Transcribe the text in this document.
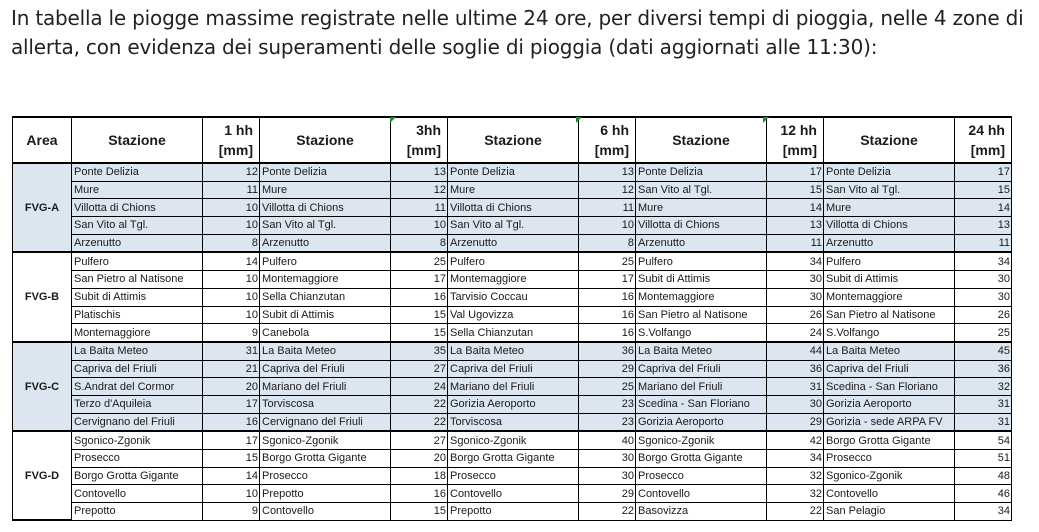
In tabella le piogge massime registrate nelle ultime 24 ore, per diversi tempi di pioggia, nelle 4 zone di allerta, con evidenza dei superamenti delle soglie di pioggia (dati aggiornati alle 11:30):
Area	Stazione	1 hh
[mm]	Stazione	3hh
[mm]	Stazione	6 hh
[mm]	Stazione	12 hh
[mm]	Stazione	24 hh
[mm]

FVG-A	Ponte Delizia	12	Ponte Delizia	13	Ponte Delizia	13	Ponte Delizia	17	Ponte Delizia	17
	Mure	11	Mure	12	Mure	12	San Vito al Tgl.	15	San Vito al Tgl.	15
	Villotta di Chions	10	Villotta di Chions	11	Villotta di Chions	11	Mure	14	Mure	14
	San Vito al Tgl.	10	San Vito al Tgl.	10	San Vito al Tgl.	10	Villotta di Chions	13	Villotta di Chions	13
	Arzenutto	8	Arzenutto	8	Arzenutto	8	Arzenutto	11	Arzenutto	11
FVG-B	Pulfero	14	Pulfero	25	Pulfero	25	Pulfero	34	Pulfero	34
	San Pietro al Natisone	10	Montemaggiore	17	Montemaggiore	17	Subit di Attimis	30	Subit di Attimis	30
	Subit di Attimis	10	Sella Chianzutan	16	Tarvisio Coccau	16	Montemaggiore	30	Montemaggiore	30
	Platischis	10	Subit di Attimis	15	Val Ugovizza	16	San Pietro al Natisone	26	San Pietro al Natisone	26
	Montemaggiore	9	Canebola	15	Sella Chianzutan	16	S.Volfango	24	S.Volfango	25
FVG-C	La Baita Meteo	31	La Baita Meteo	35	La Baita Meteo	36	La Baita Meteo	44	La Baita Meteo	45
	Capriva del Friuli	21	Capriva del Friuli	27	Capriva del Friuli	29	Capriva del Friuli	36	Capriva del Friuli	36
	S.Andrat del Cormor	20	Mariano del Friuli	24	Mariano del Friuli	25	Mariano del Friuli	31	Scedina - San Floriano	32
	Terzo d'Aquileia	17	Torviscosa	22	Gorizia Aeroporto	23	Scedina - San Floriano	30	Gorizia Aeroporto	31
	Cervignano del Friuli	16	Cervignano del Friuli	22	Torviscosa	23	Gorizia Aeroporto	29	Gorizia - sede ARPA FV	31
FVG-D	Sgonico-Zgonik	17	Sgonico-Zgonik	27	Sgonico-Zgonik	40	Sgonico-Zgonik	42	Borgo Grotta Gigante	54
	Prosecco	15	Borgo Grotta Gigante	20	Borgo Grotta Gigante	30	Borgo Grotta Gigante	34	Prosecco	51
	Borgo Grotta Gigante	14	Prosecco	18	Prosecco	30	Prosecco	32	Sgonico-Zgonik	48
	Contovello	10	Prepotto	16	Contovello	29	Contovello	32	Contovello	46
	Prepotto	9	Contovello	15	Prepotto	22	Basovizza	22	San Pelagio	34
